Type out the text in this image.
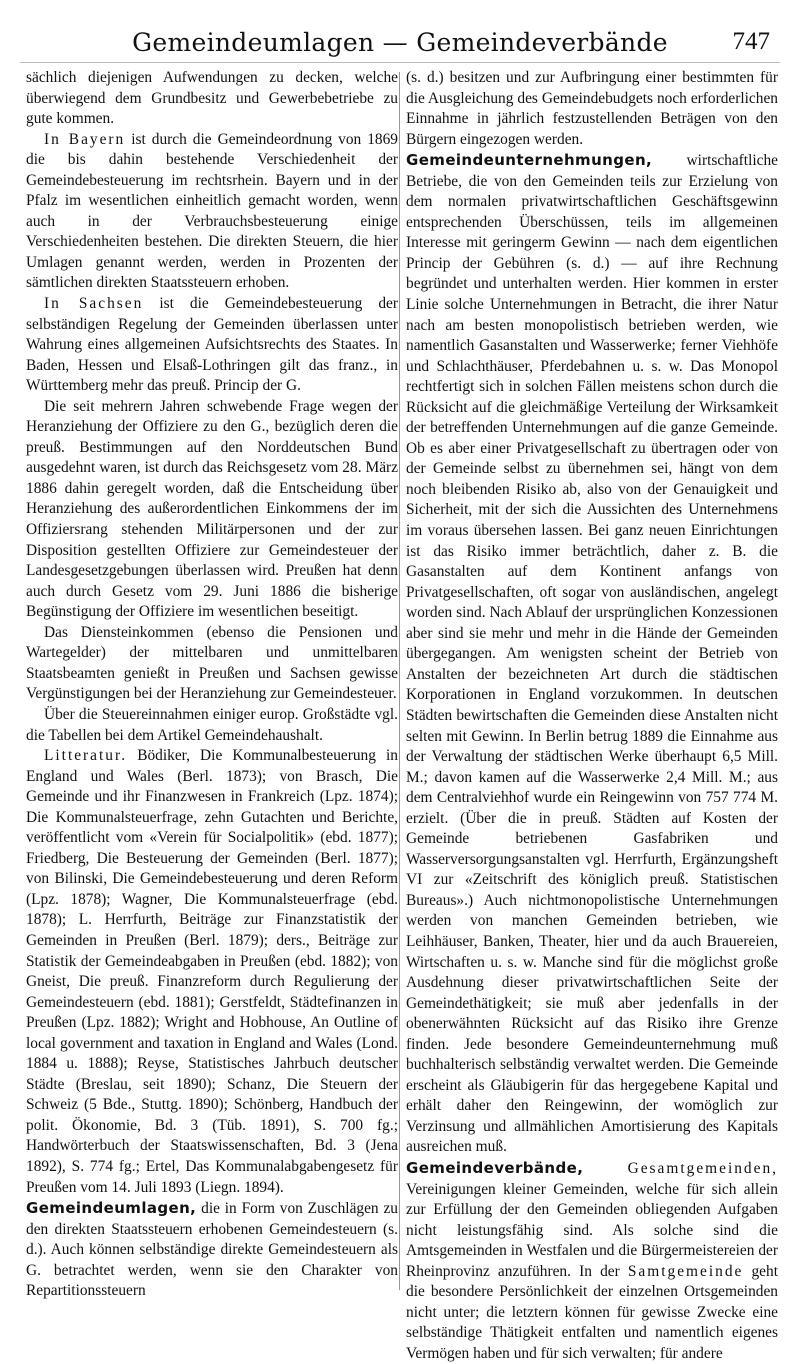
Gemeindeumlagen — Gemeindeverbände	747

sächlich diejenigen Aufwendungen zu decken, welche überwiegend dem Grundbesitz und Gewerbebetriebe zu gute kommen.

In Bayern ist durch die Gemeindeordnung von 1869 die bis dahin bestehende Verschiedenheit der Gemeindebesteuerung im rechtsrhein. Bayern und in der Pfalz im wesentlichen einheitlich gemacht worden, wenn auch in der Verbrauchsbesteuerung einige Verschiedenheiten bestehen. Die direkten Steuern, die hier Umlagen genannt werden, werden in Prozenten der sämtlichen direkten Staatssteuern erhoben.

In Sachsen ist die Gemeindebesteuerung der selbständigen Regelung der Gemeinden überlassen unter Wahrung eines allgemeinen Aufsichtsrechts des Staates. In Baden, Hessen und Elsaß-Lothringen gilt das franz., in Württemberg mehr das preuß. Princip der G.

Die seit mehrern Jahren schwebende Frage wegen der Heranziehung der Offiziere zu den G., bezüglich deren die preuß. Bestimmungen auf den Norddeutschen Bund ausgedehnt waren, ist durch das Reichsgesetz vom 28. März 1886 dahin geregelt worden, daß die Entscheidung über Heranziehung des außerordentlichen Einkommens der im Offiziersrang stehenden Militärpersonen und der zur Disposition gestellten Offiziere zur Gemeindesteuer der Landesgesetzgebungen überlassen wird. Preußen hat denn auch durch Gesetz vom 29. Juni 1886 die bisherige Begünstigung der Offiziere im wesentlichen beseitigt.

Das Diensteinkommen (ebenso die Pensionen und Wartegelder) der mittelbaren und unmittelbaren Staatsbeamten genießt in Preußen und Sachsen gewisse Vergünstigungen bei der Heranziehung zur Gemeindesteuer.

Über die Steuereinnahmen einiger europ. Großstädte vgl. die Tabellen bei dem Artikel Gemeindehaushalt.

Litteratur. Bödiker, Die Kommunalbesteuerung in England und Wales (Berl. 1873); von Brasch, Die Gemeinde und ihr Finanzwesen in Frankreich (Lpz. 1874); Die Kommunalsteuerfrage, zehn Gutachten und Berichte, veröffentlicht vom «Verein für Socialpolitik» (ebd. 1877); Friedberg, Die Besteuerung der Gemeinden (Berl. 1877); von Bilinski, Die Gemeindebesteuerung und deren Reform (Lpz. 1878); Wagner, Die Kommunalsteuerfrage (ebd. 1878); L. Herrfurth, Beiträge zur Finanzstatistik der Gemeinden in Preußen (Berl. 1879); ders., Beiträge zur Statistik der Gemeindeabgaben in Preußen (ebd. 1882); von Gneist, Die preuß. Finanzreform durch Regulierung der Gemeindesteuern (ebd. 1881); Gerstfeldt, Städtefinanzen in Preußen (Lpz. 1882); Wright and Hobhouse, An Outline of local government and taxation in England and Wales (Lond. 1884 u. 1888); Reyse, Statistisches Jahrbuch deutscher Städte (Breslau, seit 1890); Schanz, Die Steuern der Schweiz (5 Bde., Stuttg. 1890); Schönberg, Handbuch der polit. Ökonomie, Bd. 3 (Tüb. 1891), S. 700 fg.; Handwörterbuch der Staatswissenschaften, Bd. 3 (Jena 1892), S. 774 fg.; Ertel, Das Kommunalabgabengesetz für Preußen vom 14. Juli 1893 (Liegn. 1894).

Gemeindeumlagen, die in Form von Zuschlägen zu den direkten Staatssteuern erhobenen Gemeindesteuern (s. d.). Auch können selbständige direkte Gemeindesteuern als G. betrachtet werden, wenn sie den Charakter von Repartitionssteuern

(s. d.) besitzen und zur Aufbringung einer bestimmten für die Ausgleichung des Gemeindebudgets noch erforderlichen Einnahme in jährlich festzustellenden Beträgen von den Bürgern eingezogen werden.

Gemeindeunternehmungen, wirtschaftliche Betriebe, die von den Gemeinden teils zur Erzielung von dem normalen privatwirtschaftlichen Geschäftsgewinn entsprechenden Überschüssen, teils im allgemeinen Interesse mit geringerm Gewinn — nach dem eigentlichen Princip der Gebühren (s. d.) — auf ihre Rechnung begründet und unterhalten werden. Hier kommen in erster Linie solche Unternehmungen in Betracht, die ihrer Natur nach am besten monopolistisch betrieben werden, wie namentlich Gasanstalten und Wasserwerke; ferner Viehhöfe und Schlachthäuser, Pferdebahnen u. s. w. Das Monopol rechtfertigt sich in solchen Fällen meistens schon durch die Rücksicht auf die gleichmäßige Verteilung der Wirksamkeit der betreffenden Unternehmungen auf die ganze Gemeinde. Ob es aber einer Privatgesellschaft zu übertragen oder von der Gemeinde selbst zu übernehmen sei, hängt von dem noch bleibenden Risiko ab, also von der Genauigkeit und Sicherheit, mit der sich die Aussichten des Unternehmens im voraus übersehen lassen. Bei ganz neuen Einrichtungen ist das Risiko immer beträchtlich, daher z. B. die Gasanstalten auf dem Kontinent anfangs von Privatgesellschaften, oft sogar von ausländischen, angelegt worden sind. Nach Ablauf der ursprünglichen Konzessionen aber sind sie mehr und mehr in die Hände der Gemeinden übergegangen. Am wenigsten scheint der Betrieb von Anstalten der bezeichneten Art durch die städtischen Korporationen in England vorzukommen. In deutschen Städten bewirtschaften die Gemeinden diese Anstalten nicht selten mit Gewinn. In Berlin betrug 1889 die Einnahme aus der Verwaltung der städtischen Werke überhaupt 6,5 Mill. M.; davon kamen auf die Wasserwerke 2,4 Mill. M.; aus dem Centralviehhof wurde ein Reingewinn von 757 774 M. erzielt. (Über die in preuß. Städten auf Kosten der Gemeinde betriebenen Gasfabriken und Wasserversorgungsanstalten vgl. Herrfurth, Ergänzungsheft VI zur «Zeitschrift des königlich preuß. Statistischen Bureaus».) Auch nichtmonopolistische Unternehmungen werden von manchen Gemeinden betrieben, wie Leihhäuser, Banken, Theater, hier und da auch Brauereien, Wirtschaften u. s. w. Manche sind für die möglichst große Ausdehnung dieser privatwirtschaftlichen Seite der Gemeindethätigkeit; sie muß aber jedenfalls in der obenerwähnten Rücksicht auf das Risiko ihre Grenze finden. Jede besondere Gemeindeunternehmung muß buchhalterisch selbständig verwaltet werden. Die Gemeinde erscheint als Gläubigerin für das hergegebene Kapital und erhält daher den Reingewinn, der womöglich zur Verzinsung und allmählichen Amortisierung des Kapitals ausreichen muß.

Gemeindeverbände,	Gesamtgemeinden, Vereinigungen kleiner Gemeinden, welche für sich allein zur Erfüllung der den Gemeinden obliegenden Aufgaben nicht leistungsfähig sind. Als solche sind die Amtsgemeinden in Westfalen und die Bürgermeistereien der Rheinprovinz anzuführen. In der Samtgemeinde geht die besondere Persönlichkeit der einzelnen Ortsgemeinden nicht unter; die letztern können für gewisse Zwecke eine selbständige Thätigkeit entfalten und namentlich eigenes Vermögen haben und für sich verwalten; für andere
